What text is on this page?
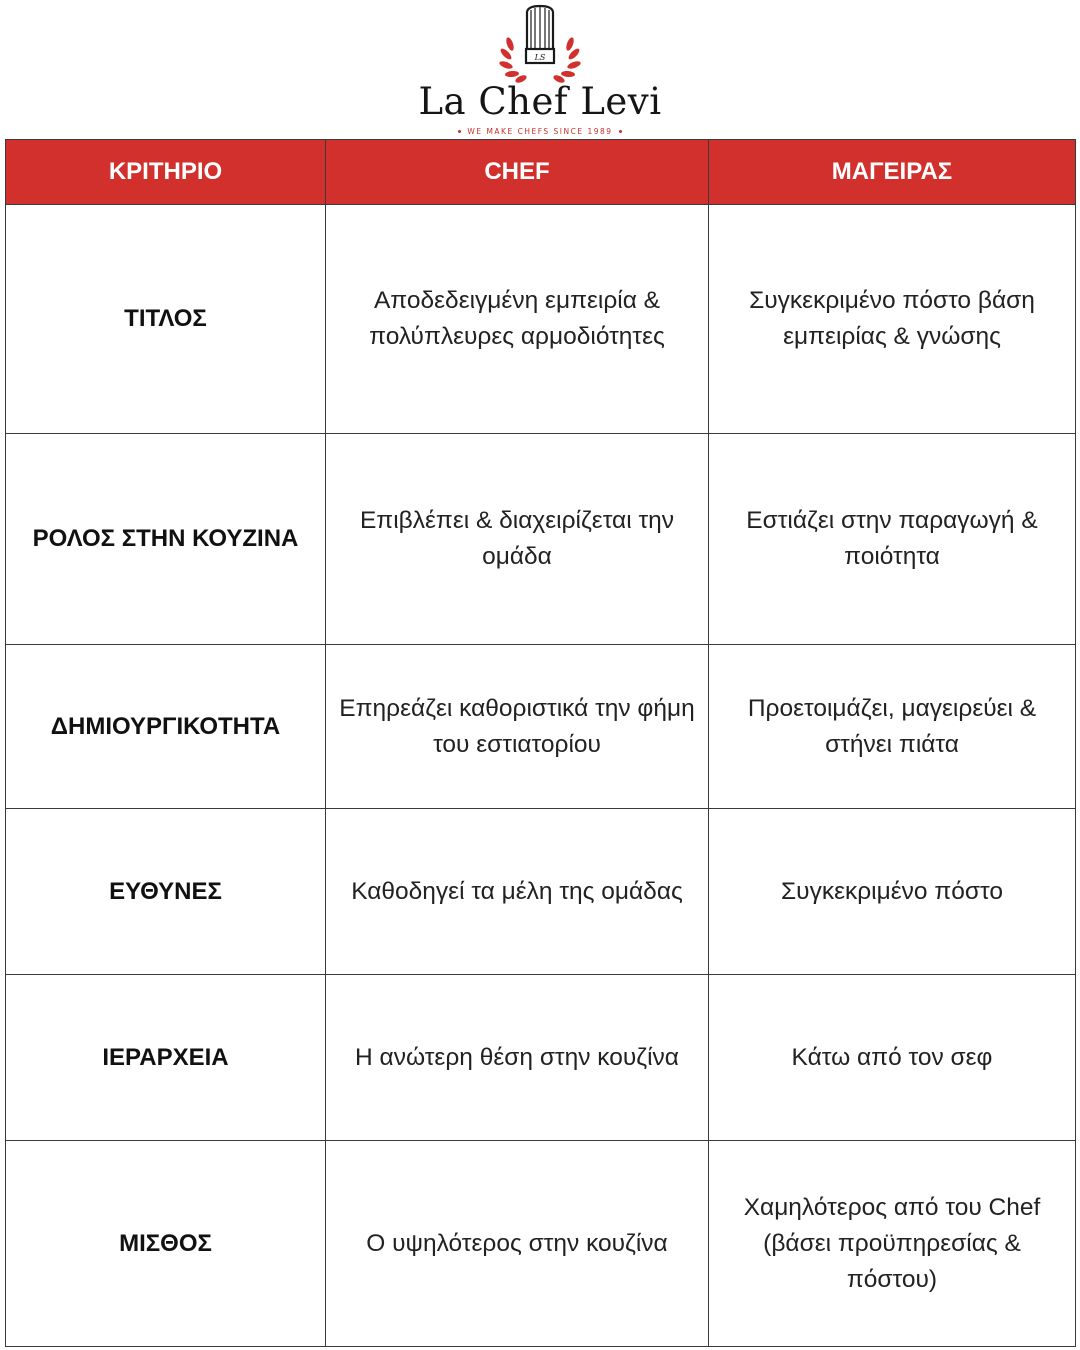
LS
La Chef Levi
WE MAKE CHEFS SINCE 1989
ΚΡΙΤΗΡΙΟ	CHEF	ΜΑΓΕΙΡΑΣ
ΤΙΤΛΟΣ	Αποδεδειγμένη εμπειρία & πολύπλευρες αρμοδιότητες	Συγκεκριμένο πόστο βάση εμπειρίας & γνώσης
ΡΟΛΟΣ ΣΤΗΝ ΚΟΥΖΙΝΑ	Επιβλέπει & διαχειρίζεται την ομάδα	Εστιάζει στην παραγωγή & ποιότητα
ΔΗΜΙΟΥΡΓΙΚΟΤΗΤΑ	Επηρεάζει καθοριστικά την φήμη του εστιατορίου	Προετοιμάζει, μαγειρεύει & στήνει πιάτα
ΕΥΘΥΝΕΣ	Καθοδηγεί τα μέλη της ομάδας	Συγκεκριμένο πόστο
ΙΕΡΑΡΧΕΙΑ	Η ανώτερη θέση στην κουζίνα	Κάτω από τον σεφ
ΜΙΣΘΟΣ	Ο υψηλότερος στην κουζίνα	Χαμηλότερος από του Chef (βάσει προϋπηρεσίας & πόστου)
